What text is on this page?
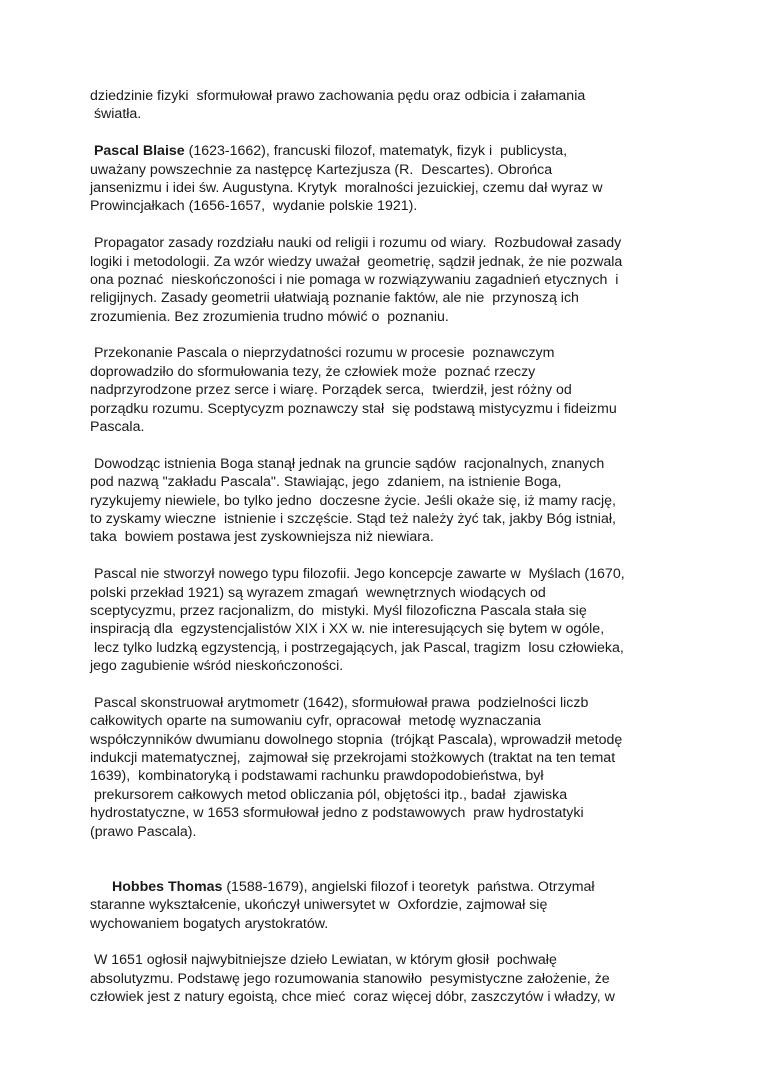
dziedzinie fizyki  sformułował prawo zachowania pędu oraz odbicia i załamania
światła.
Pascal Blaise (1623-1662), francuski filozof, matematyk, fizyk i  publicysta,
uważany powszechnie za następcę Kartezjusza (R.  Descartes). Obrońca
jansenizmu i idei św. Augustyna. Krytyk  moralności jezuickiej, czemu dał wyraz w
Prowincjałkach (1656-1657,  wydanie polskie 1921).
Propagator zasady rozdziału nauki od religii i rozumu od wiary.  Rozbudował zasady
logiki i metodologii. Za wzór wiedzy uważał  geometrię, sądził jednak, że nie pozwala
ona poznać  nieskończoności i nie pomaga w rozwiązywaniu zagadnień etycznych  i
religijnych. Zasady geometrii ułatwiają poznanie faktów, ale nie  przynoszą ich
zrozumienia. Bez zrozumienia trudno mówić o  poznaniu.
Przekonanie Pascala o nieprzydatności rozumu w procesie  poznawczym
doprowadziło do sformułowania tezy, że człowiek może  poznać rzeczy
nadprzyrodzone przez serce i wiarę. Porządek serca,  twierdził, jest różny od
porządku rozumu. Sceptycyzm poznawczy stał  się podstawą mistycyzmu i fideizmu
Pascala.
Dowodząc istnienia Boga stanął jednak na gruncie sądów  racjonalnych, znanych
pod nazwą "zakładu Pascala". Stawiając, jego  zdaniem, na istnienie Boga,
ryzykujemy niewiele, bo tylko jedno  doczesne życie. Jeśli okaże się, iż mamy rację,
to zyskamy wieczne  istnienie i szczęście. Stąd też należy żyć tak, jakby Bóg istniał,
taka  bowiem postawa jest zyskowniejsza niż niewiara.
Pascal nie stworzył nowego typu filozofii. Jego koncepcje zawarte w  Myślach (1670,
polski przekład 1921) są wyrazem zmagań  wewnętrznych wiodących od
sceptycyzmu, przez racjonalizm, do  mistyki. Myśl filozoficzna Pascala stała się
inspiracją dla  egzystencjalistów XIX i XX w. nie interesujących się bytem w ogóle,
lecz tylko ludzką egzystencją, i postrzegających, jak Pascal, tragizm  losu człowieka,
jego zagubienie wśród nieskończoności.
Pascal skonstruował arytmometr (1642), sformułował prawa  podzielności liczb
całkowitych oparte na sumowaniu cyfr, opracował  metodę wyznaczania
współczynników dwumianu dowolnego stopnia  (trójkąt Pascala), wprowadził metodę
indukcji matematycznej,  zajmował się przekrojami stożkowych (traktat na ten temat
1639),  kombinatoryką i podstawami rachunku prawdopodobieństwa, był
prekursorem całkowych metod obliczania pól, objętości itp., badał  zjawiska
hydrostatyczne, w 1653 sformułował jedno z podstawowych  praw hydrostatyki
(prawo Pascala).
Hobbes Thomas (1588-1679), angielski filozof i teoretyk  państwa. Otrzymał
staranne wykształcenie, ukończył uniwersytet w  Oxfordzie, zajmował się
wychowaniem bogatych arystokratów.
W 1651 ogłosił najwybitniejsze dzieło Lewiatan, w którym głosił  pochwałę
absolutyzmu. Podstawę jego rozumowania stanowiło  pesymistyczne założenie, że
człowiek jest z natury egoistą, chce mieć  coraz więcej dóbr, zaszczytów i władzy, w
